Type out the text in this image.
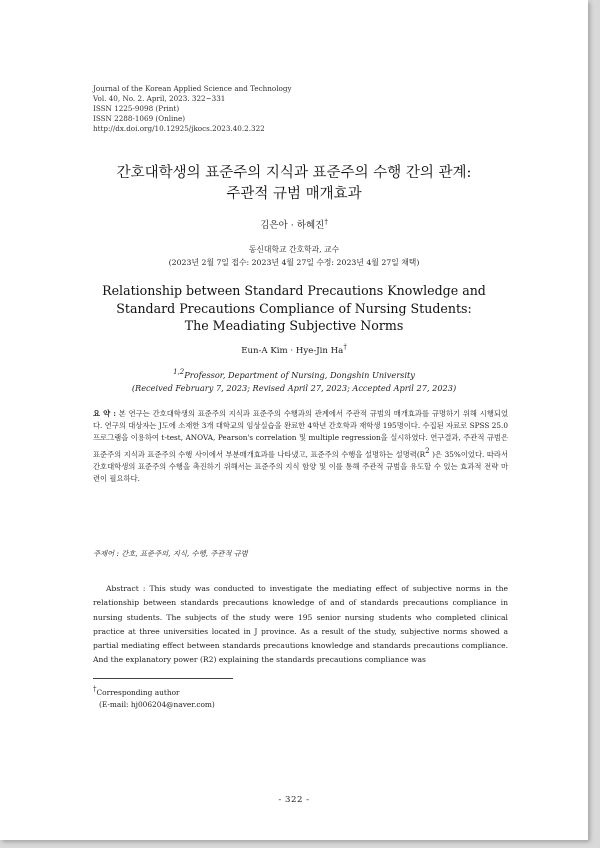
Journal of the Korean Applied Science and Technology
Vol. 40, No. 2. April, 2023. 322~331
ISSN 1225-9098 (Print)
ISSN 2288-1069 (Online)
http://dx.doi.org/10.12925/jkocs.2023.40.2.322
간호대학생의 표준주의 지식과 표준주의 수행 간의 관계:
주관적 규범 매개효과
김은아 · 하혜진†
동신대학교 간호학과, 교수
(2023년 2월 7일 접수: 2023년 4월 27일 수정: 2023년 4월 27일 채택)
Relationship between Standard Precautions Knowledge and
Standard Precautions Compliance of Nursing Students:
The Meadiating Subjective Norms
Eun-A Kim · Hye-Jin Ha†
1,2Professor, Department of Nursing, Dongshin University
(Received February 7, 2023; Revised April 27, 2023; Accepted April 27, 2023)
요 약 : 본 연구는 간호대학생의 표준주의 지식과 표준주의 수행과의 관계에서 주관적 규범의 매개효과를 규명하기 위해 시행되었다. 연구의 대상자는 J도에 소재한 3개 대학교의 임상실습을 완료한 4학년 간호학과 재학생 195명이다. 수집된 자료로 SPSS 25.0 프로그램을 이용하여 t-test, ANOVA, Pearson's correlation 및 multiple regression을 실시하였다. 연구결과, 주관적 규범은 표준주의 지식과 표준주의 수행 사이에서 부분매개효과를 나타냈고, 표준주의 수행을 설명하는 설명력(R2 )은 35%이었다. 따라서 간호대학생의 표준주의 수행을 촉진하기 위해서는 표준주의 지식 함양 및 이를 통해 주관적 규범을 유도할 수 있는 효과적 전략 마련이 필요하다.
주제어 : 간호, 표준주의, 지식, 수행, 주관적 규범
Abstract : This study was conducted to investigate the mediating effect of subjective norms in the relationship between standards precautions knowledge of and of standards precautions compliance in nursing students. The subjects of the study were 195 senior nursing students who completed clinical practice at three universities located in J province. As a result of the study, subjective norms showed a partial mediating effect between standards precautions knowledge and standards precautions compliance. And the explanatory power (R2) explaining the standards precautions compliance was
†Corresponding author
(E-mail: hj006204@naver.com)
- 322 -
